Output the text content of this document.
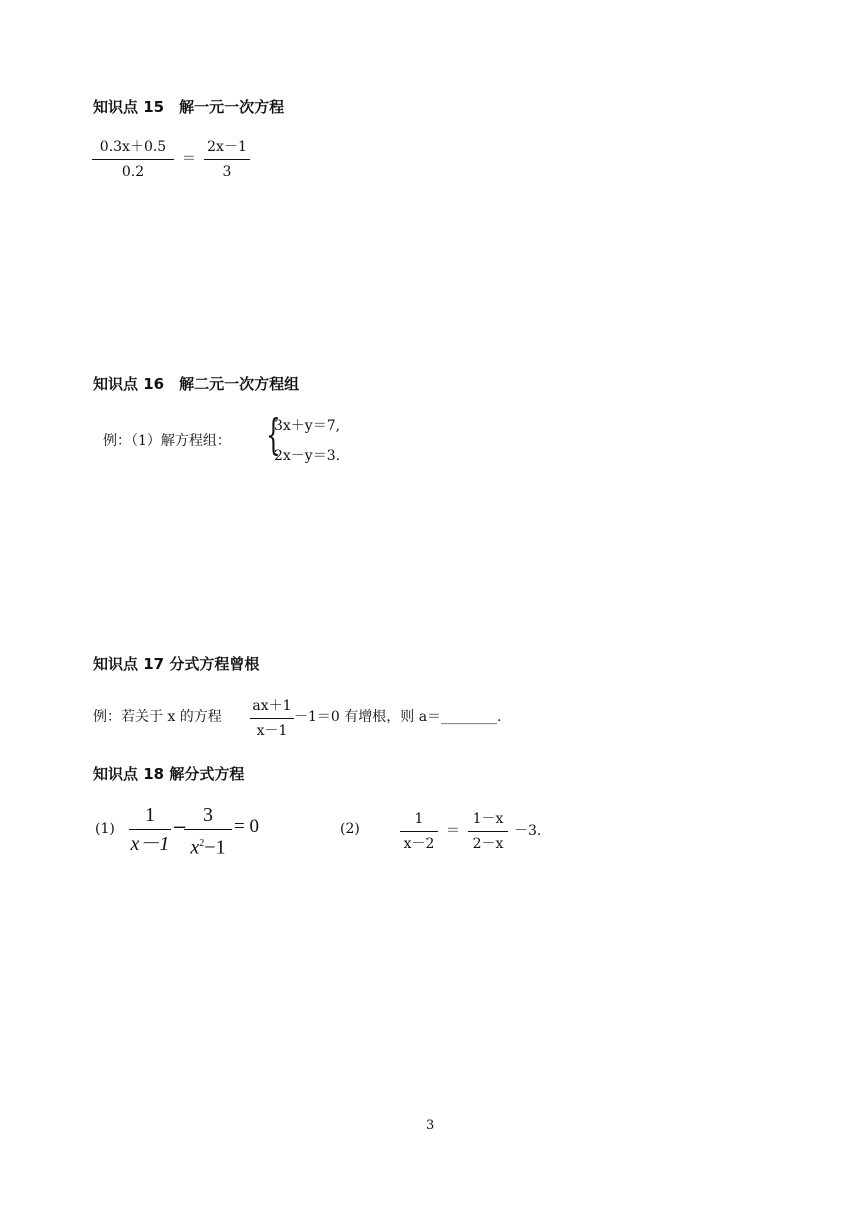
知识点 15　解一元一次方程
0.3x＋0.5
0.2
＝
2x－1
3
知识点 16　解二元一次方程组
例：（1）解方程组： {
3x＋y＝7,
2x－y＝3.
知识点 17 分式方程曾根
例：若关于 x 的方程
ax＋1
x－1
－1＝0 有增根，则 a＝________.
知识点 18 解分式方程
(1)
1
x－1
−
3
$x^2-1$
= 0	(2)
1
x－2
＝
1－x
2－x
－3.
3
